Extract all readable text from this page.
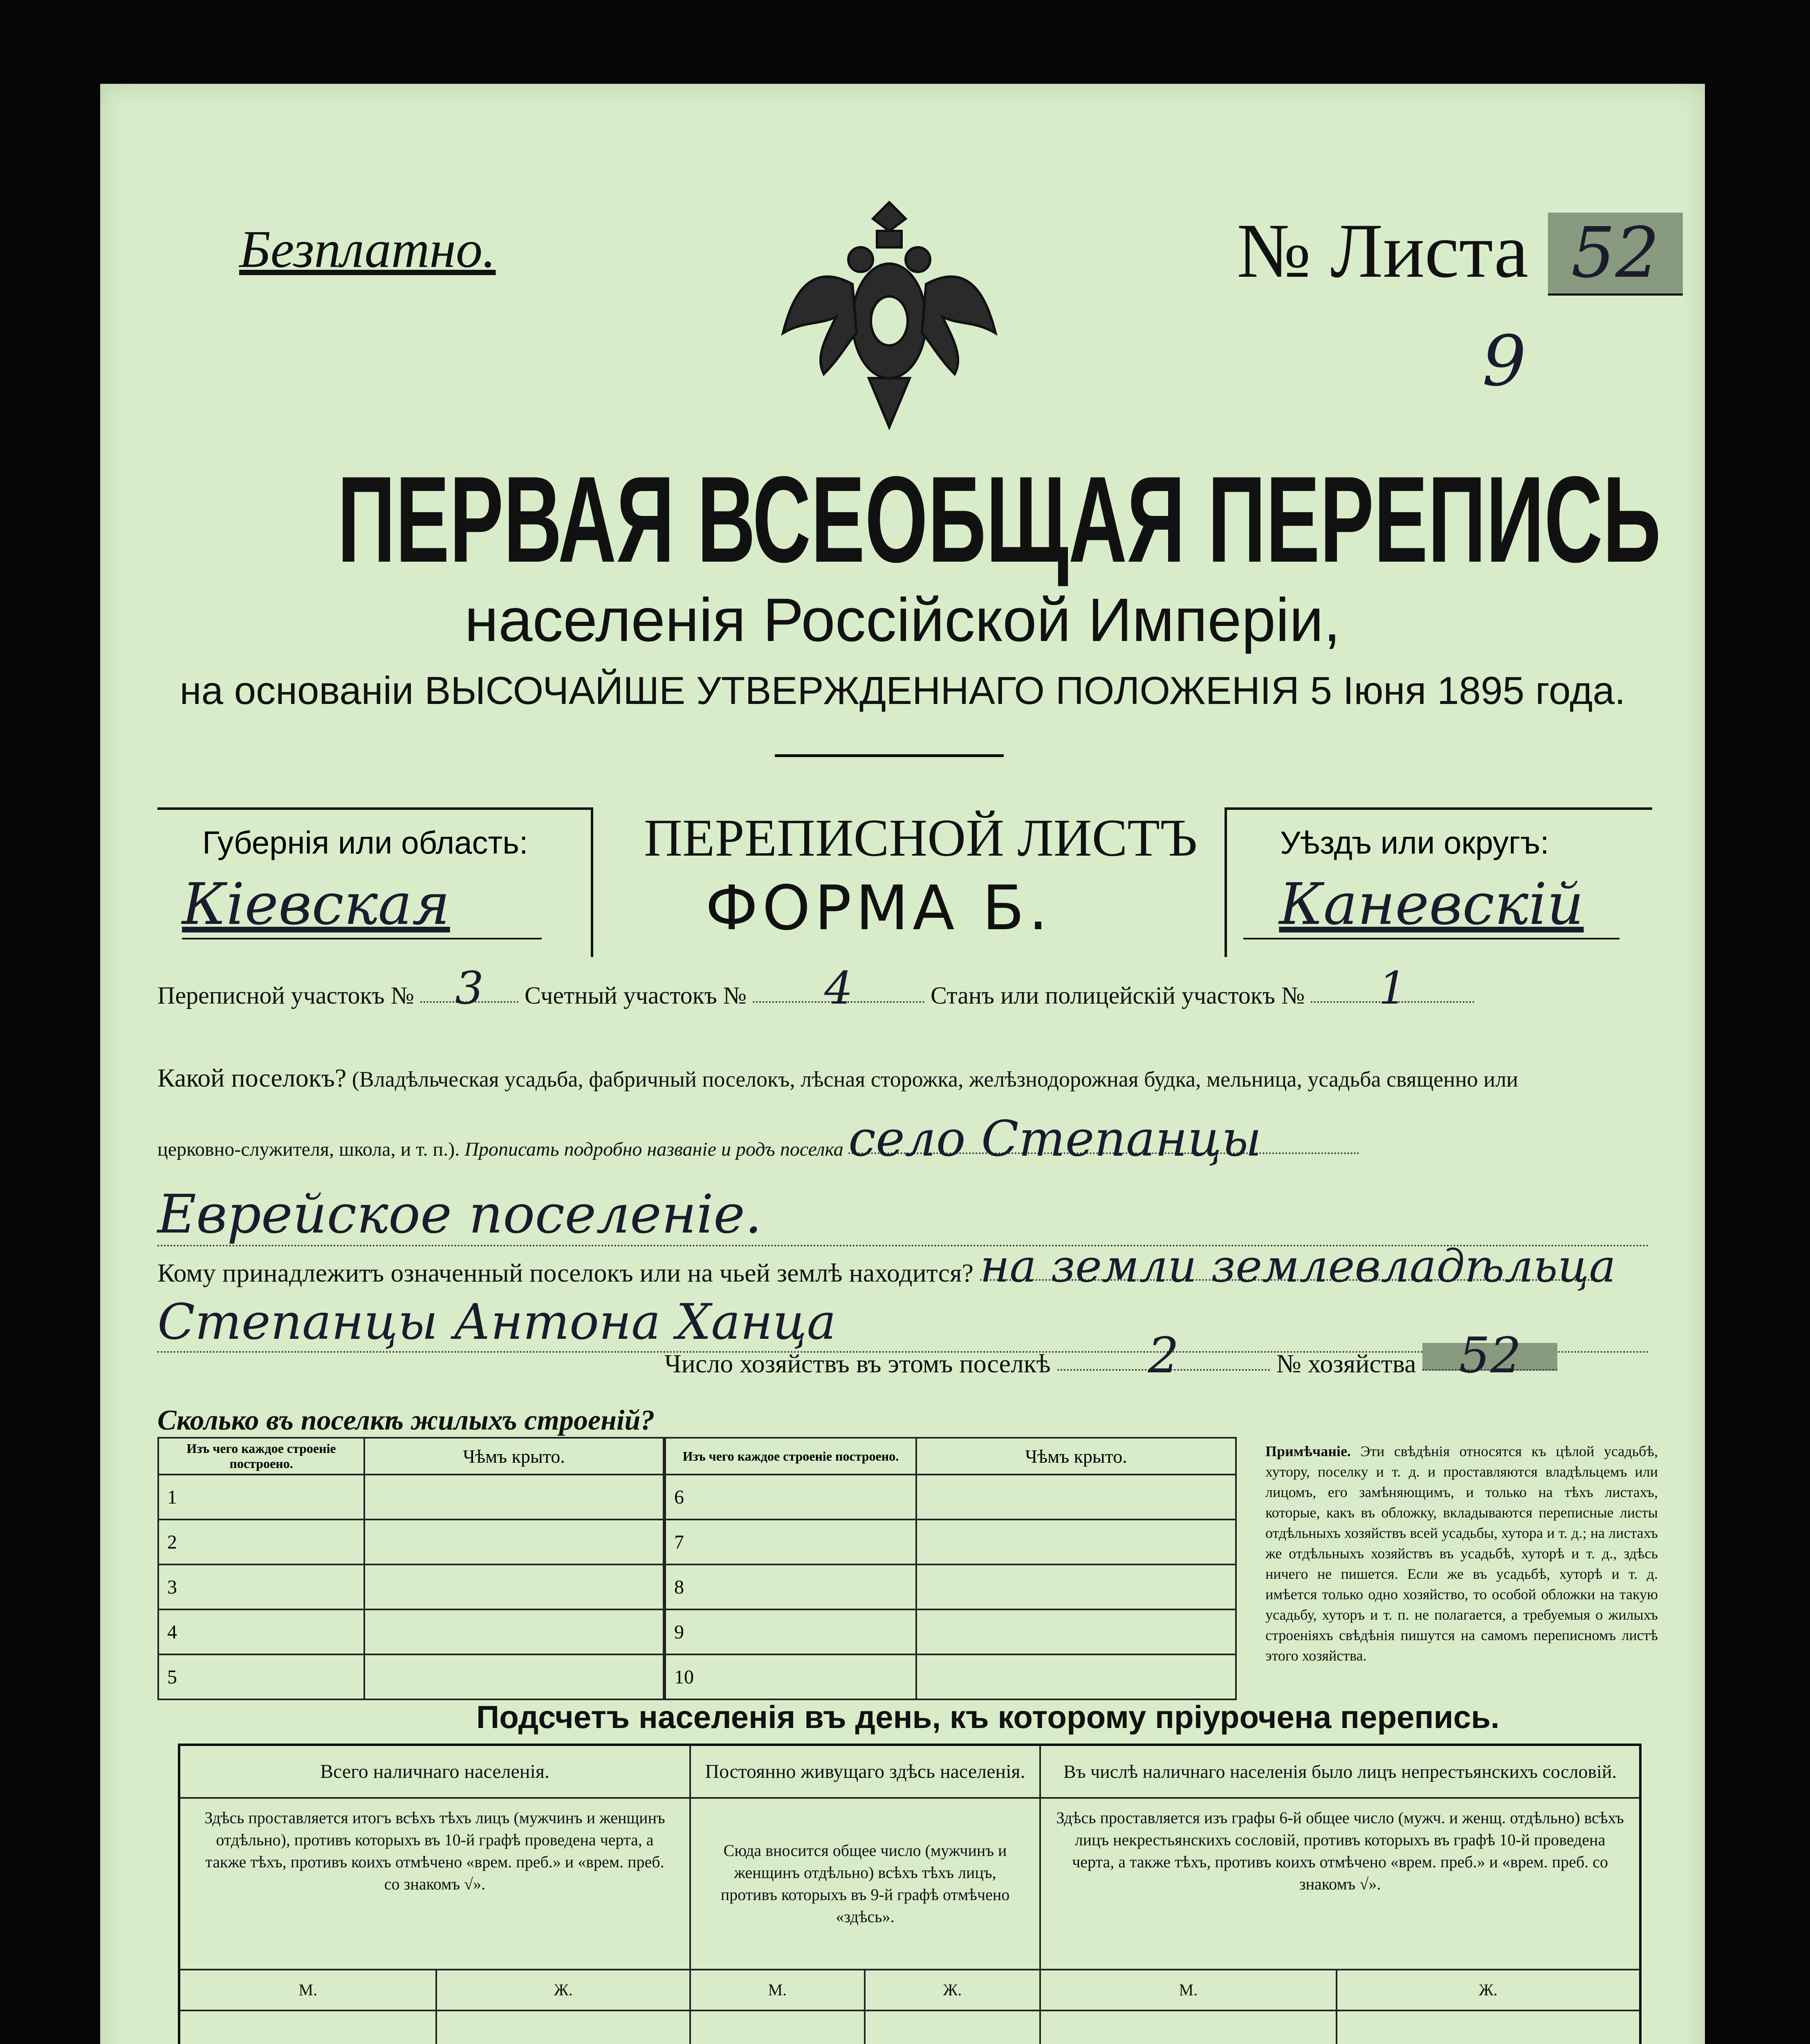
Безплатно.	№ Листа 52
9
ПЕРВАЯ ВСЕОБЩАЯ ПЕРЕПИСЬ
населенія Россійской Имперіи,
на основаніи ВЫСОЧАЙШЕ УТВЕРЖДЕННАГО ПОЛОЖЕНІЯ 5 Іюня 1895 года.
Губернія или область:
Кіевская
ПЕРЕПИСНОЙ ЛИСТЪ
ФОРМА Б.
Уѣздъ или округъ:
Каневскій
Переписной участокъ № 3 Счетный участокъ № 4	Станъ или полицейскій участокъ № 1
Какой поселокъ? (Владѣльческая усадьба, фабричный поселокъ, лѣсная сторожка, желѣзнодорожная будка, мельница, усадьба священно или
церковно-служителя, школа, и т. п.). Прописать подробно названіе и родъ поселка село Степанцы
Еврейское поселеніе.
Кому принадлежитъ означенный поселокъ или на чьей землѣ находится? на земли землевладѣльца
Степанцы Антона Ханца
Число хозяйствъ въ этомъ поселкѣ 2	№ хозяйства 52
Сколько въ поселкѣ жилыхъ строеній?
Изъ чего каждое строеніе построено.	Чѣмъ крыто.
1	
2	
3	
4	
5	
Изъ чего каждое строеніе построено.	Чѣмъ крыто.
6	
7	
8	
9	
10	
Примѣчаніе. Эти свѣдѣнія относятся къ цѣлой усадьбѣ, хутору, поселку и т. д. и проставляются владѣльцемъ или лицомъ, его замѣняющимъ, и только на тѣхъ листахъ, которые, какъ въ обложку, вкладываются переписные листы отдѣльныхъ хозяйствъ всей усадьбы, хутора и т. д.; на листахъ же отдѣльныхъ хозяйствъ въ усадьбѣ, хуторѣ и т. д., здѣсь ничего не пишется. Если же въ усадьбѣ, хуторѣ и т. д. имѣется только одно хозяйство, то особой обложки на такую усадьбу, хуторъ и т. п. не полагается, а требуемыя о жилыхъ строеніяхъ свѣдѣнія пишутся на самомъ переписномъ листѣ этого хозяйства.
Подсчетъ населенія въ день, къ которому пріурочена перепись.
Всего наличнаго населенія.		Постоянно живущаго здѣсь населенія.		Въ числѣ наличнаго населенія было лицъ непрестьянскихъ сословій.	
Здѣсь проставляется итогъ всѣхъ тѣхъ лицъ (мужчинъ и женщинъ отдѣльно), противъ которыхъ въ 10-й графѣ проведена черта, а также тѣхъ, противъ коихъ отмѣчено «врем. преб.» и «врем. преб. со знакомъ √».		Сюда вносится общее число (мужчинъ и женщинъ отдѣльно) всѣхъ тѣхъ лицъ, противъ которыхъ въ 9-й графѣ отмѣчено «здѣсь».		Здѣсь проставляется изъ графы 6-й общее число (мужч. и женщ. отдѣльно) всѣхъ лицъ некрестьянскихъ сословій, противъ которыхъ въ графѣ 10-й проведена черта, а также тѣхъ, противъ коихъ отмѣчено «врем. преб.» и «врем. преб. со знакомъ √».	
М.	Ж.	М.	Ж.	М.	Ж.
